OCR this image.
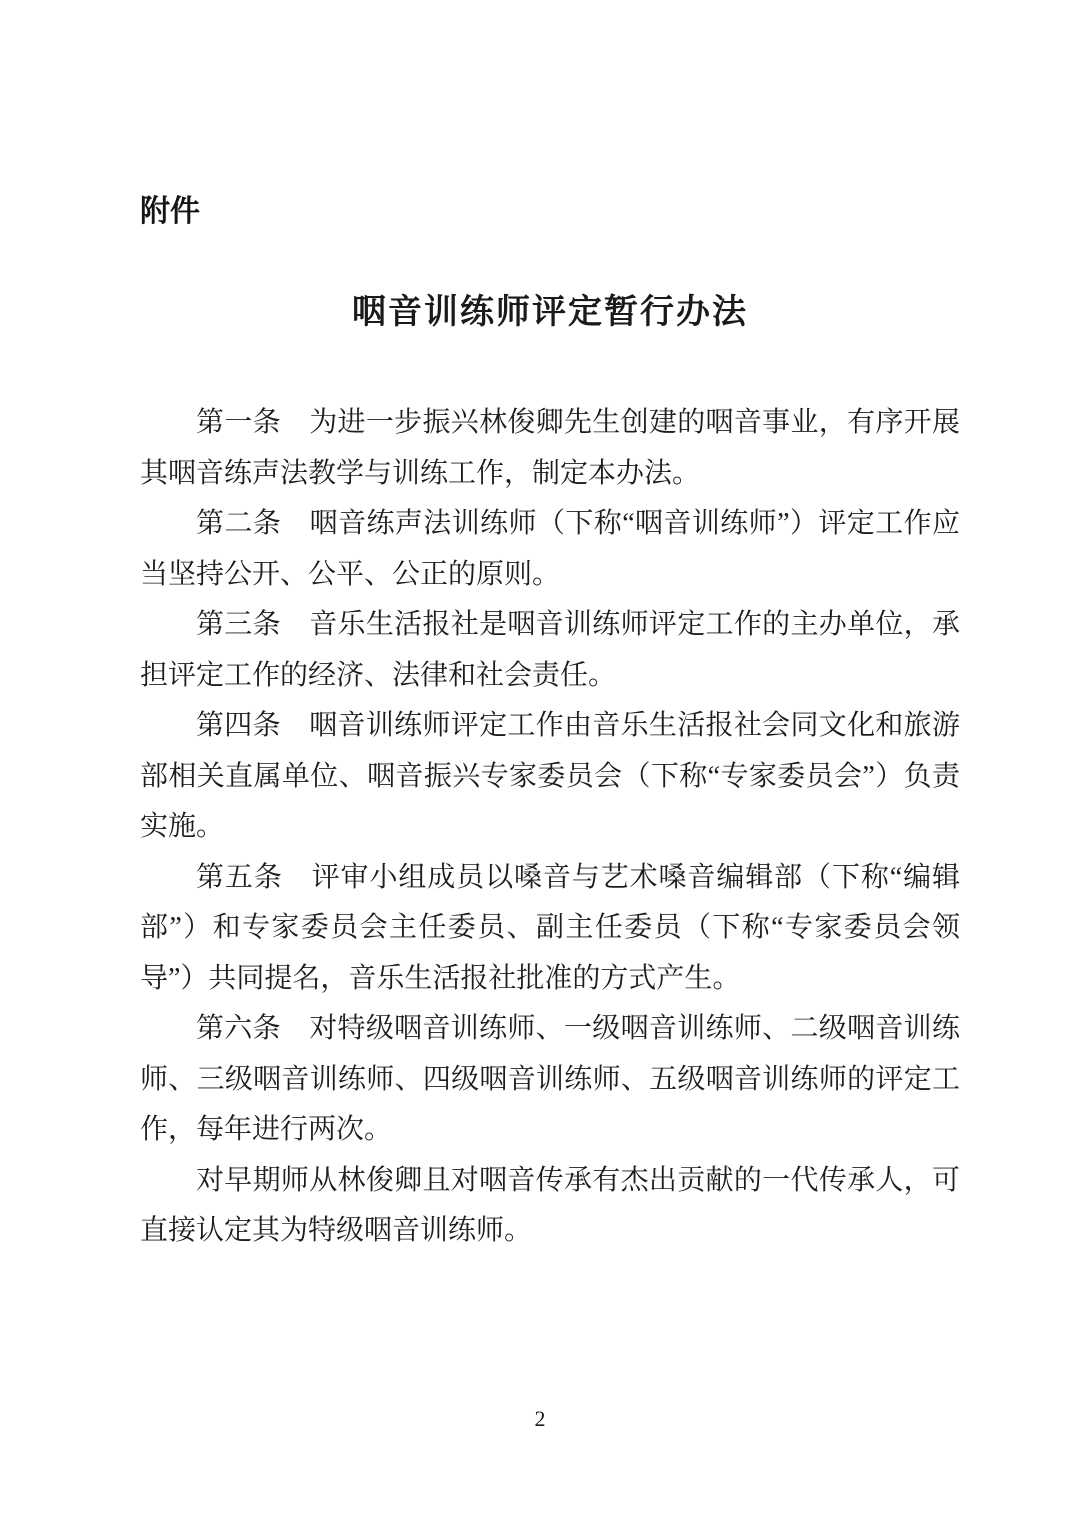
附件
咽音训练师评定暂行办法

第一条　为进一步振兴林俊卿先生创建的咽音事业，有序开展其咽音练声法教学与训练工作，制定本办法。

第二条　咽音练声法训练师（下称“咽音训练师”）评定工作应当坚持公开、公平、公正的原则。

第三条　音乐生活报社是咽音训练师评定工作的主办单位，承担评定工作的经济、法律和社会责任。

第四条　咽音训练师评定工作由音乐生活报社会同文化和旅游部相关直属单位、咽音振兴专家委员会（下称“专家委员会”）负责实施。

第五条　评审小组成员以嗓音与艺术嗓音编辑部（下称“编辑部”）和专家委员会主任委员、副主任委员（下称“专家委员会领导”）共同提名，音乐生活报社批准的方式产生。

第六条　对特级咽音训练师、一级咽音训练师、二级咽音训练师、三级咽音训练师、四级咽音训练师、五级咽音训练师的评定工作，每年进行两次。

对早期师从林俊卿且对咽音传承有杰出贡献的一代传承人，可直接认定其为特级咽音训练师。

2
